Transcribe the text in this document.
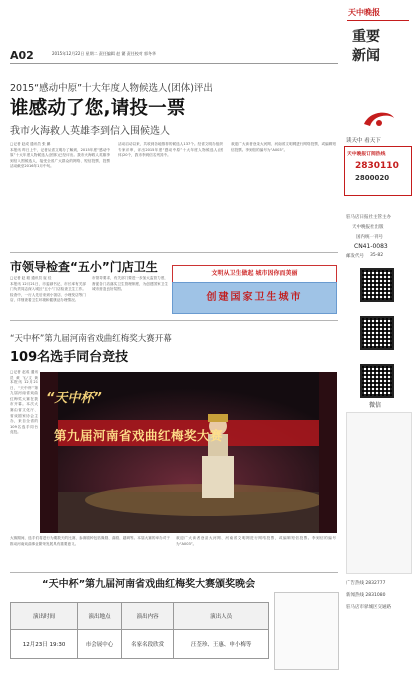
A02	2015年12月22日 星期二 责任编辑 赵 繁 责任校对 郭冬华
2015“感动中原”十大年度人物候选人(团体)评出
谁感动了您,请投一票
我市火海救人英雄李到信入围候选人

□记者 赵成 通讯员 张 鹏

本报讯 昨日上午，记者从省文明办了解到，2015年度“感动中原”十大年度人物候选人(团体)已经评出。我市火海救人英雄李到信入围候选人，接受全省广大群众的网络、短信投票，投票活动截至2016年1月中旬。

活动启动以来，共收到各地推荐的候选人137个。经省文明办组织专家评审，评出2015年度“感动中原”十大年度人物候选人(团体)20个，我市李到信名列其中。

欢迎广大读者登录大河网、河南省文明网进行网络投票，或编辑短信投票。李到信的编号为“A003”。

市领导检查“五小”门店卫生

□记者 赵 聪 通讯员 崔 佳

本报讯 12月21日，市委副书记、市长率有关部门负责同志深入城区“五小”门店检查卫生工作。检查中，一行人先后来到小饭店、小理发店等门店，详细查看卫生环境和健康证办理情况。

市领导要求，有关部门要进一步加大监管力度，督促各门店落实卫生管理制度，为创建国家卫生城市营造良好氛围。

文明从卫生做起 城市因你而美丽
创建国家卫生城市
“天中杯”第九届河南省戏曲红梅奖大赛开幕
109名选手同台竞技

□记者 赵成 通讯员 黄 飞/文 黄

“天中杯”
第九届河南省戏曲红梅奖大赛

本报讯 12月21日，“天中杯”第九届河南省戏曲红梅奖大赛在我市开幕。本次大赛由省文化厅、省戏剧家协会主办，来自全省的109名选手同台竞技。

大赛期间，选手们将进行为期数天的比赛，参赛剧种包括豫剧、曲剧、越调等。本届大赛的举办对于推动河南戏曲事业繁荣发展具有重要意义。

欢迎广大读者登录大河网、河南省文明网进行网络投票，或编辑短信投票。李到信的编号为“A003”。

“天中杯”第九届河南省戏曲红梅奖大赛颁奖晚会
演出时间	演出地点	演出内容	演出人员
12月23日 19:30	市会展中心	名家名段欣赏	汪荃珍、王惠、申小梅等
天中晚报
重要
新闻
读天中 看天下
天中晚报订阅热线
2830110
2800020
驻马店日报社主管主办
天中晚报社出版
国内统一刊号
CN41-0083
邮发代号 35-82
微信
广告热线 2832777
新闻热线 2831080
驻马店市驿城区交通路
